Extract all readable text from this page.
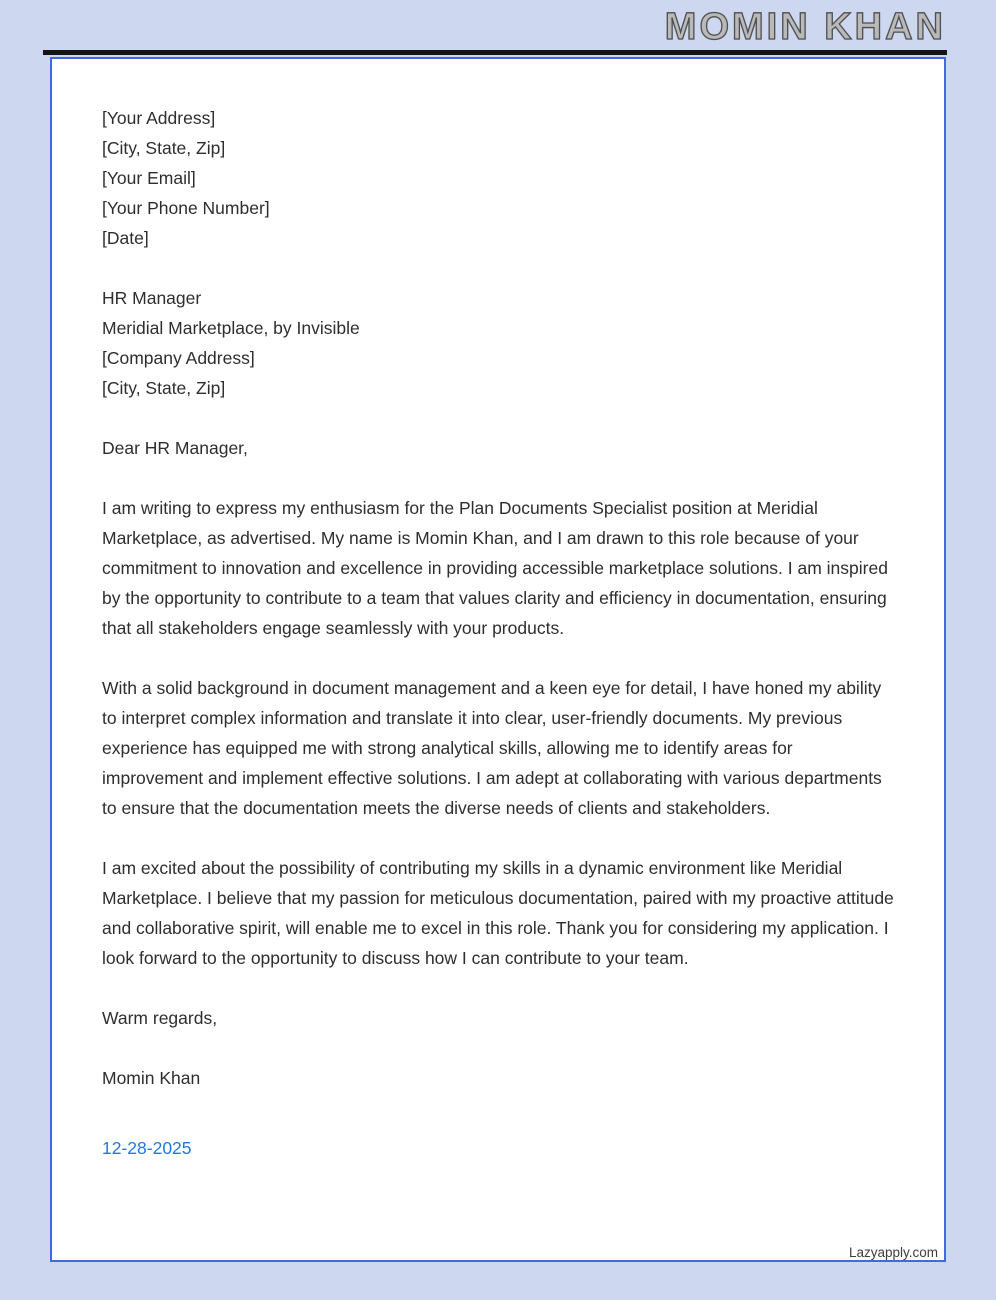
MOMIN KHAN

[Your Address]

[City, State, Zip]

[Your Email]

[Your Phone Number]

[Date]

HR Manager

Meridial Marketplace, by Invisible

[Company Address]

[City, State, Zip]

Dear HR Manager,

I am writing to express my enthusiasm for the Plan Documents Specialist position at Meridial Marketplace, as advertised. My name is Momin Khan, and I am drawn to this role because of your commitment to innovation and excellence in providing accessible marketplace solutions. I am inspired by the opportunity to contribute to a team that values clarity and efficiency in documentation, ensuring that all stakeholders engage seamlessly with your products.

With a solid background in document management and a keen eye for detail, I have honed my ability to interpret complex information and translate it into clear, user-friendly documents. My previous experience has equipped me with strong analytical skills, allowing me to identify areas for improvement and implement effective solutions. I am adept at collaborating with various departments to ensure that the documentation meets the diverse needs of clients and stakeholders.

I am excited about the possibility of contributing my skills in a dynamic environment like Meridial Marketplace. I believe that my passion for meticulous documentation, paired with my proactive attitude and collaborative spirit, will enable me to excel in this role. Thank you for considering my application. I look forward to the opportunity to discuss how I can contribute to your team.

Warm regards,

Momin Khan

12-28-2025

Lazyapply.com
